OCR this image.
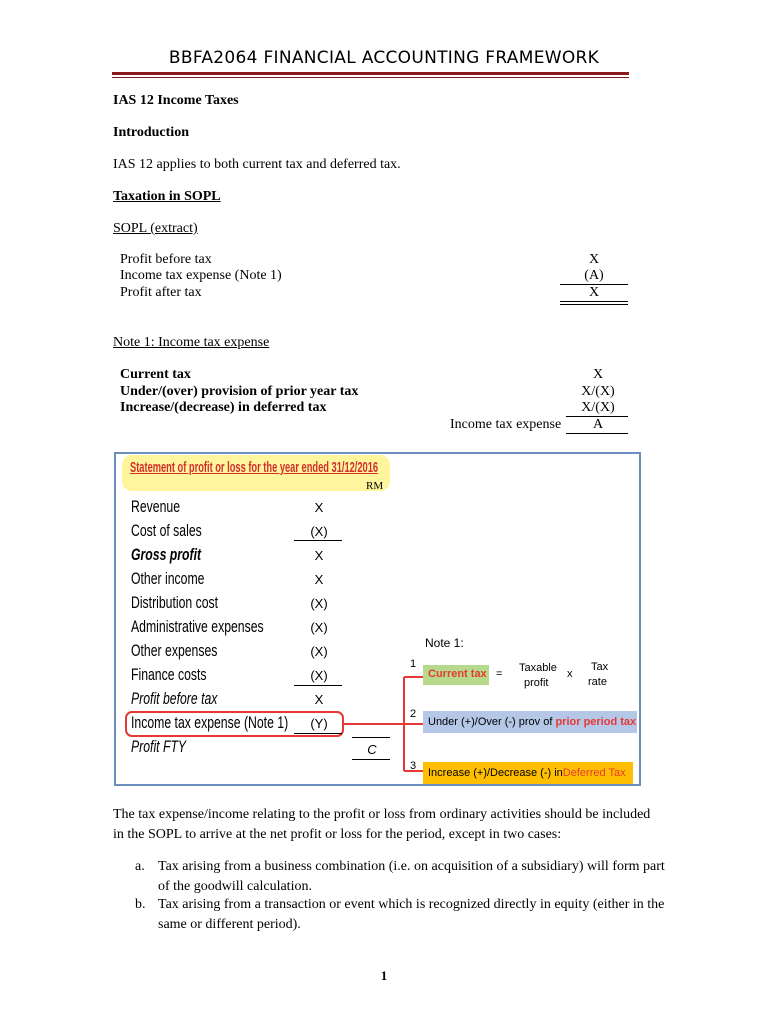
BBFA2064 FINANCIAL ACCOUNTING FRAMEWORK
IAS 12 Income Taxes
Introduction
IAS 12 applies to both current tax and deferred tax.
Taxation in SOPL
SOPL (extract)
Profit before tax	X
Income tax expense (Note 1)	(A)
Profit after tax	X
Note 1: Income tax expense
Current tax	X
Under/(over) provision of prior year tax	X/(X)
Increase/(decrease) in deferred tax	X/(X)
Income tax expense	A
Statement of profit or loss for the year ended 31/12/2016
RM
Revenue	X
Cost of sales	(X)
Gross profit	X
Other income	X
Distribution cost	(X)
Administrative expenses	(X)
Other expenses	(X)
Finance costs	(X)
Profit before tax	X
Income tax expense (Note 1)	(Y)
Profit FTY	C
Note 1:
1
2
3
Current tax = Taxable
profit
x
Tax
rate
Under (+)/Over (-) prov of prior period tax
Increase (+)/Decrease (-) inDeferred Tax
The tax expense/income relating to the profit or loss from ordinary activities should be included in the SOPL to arrive at the net profit or loss for the period, except in two cases:
a. Tax arising from a business combination (i.e. on acquisition of a subsidiary) will form part
of the goodwill calculation.
b. Tax arising from a transaction or event which is recognized directly in equity (either in the
same or different period).
1
